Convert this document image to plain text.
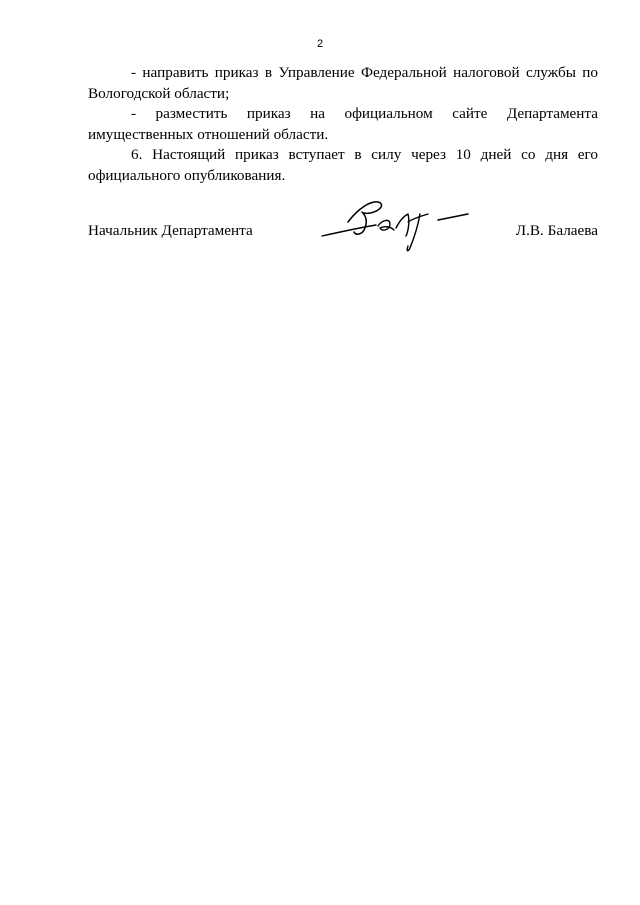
2

- направить приказ в Управление Федеральной налоговой службы по
Вологодской области;

- разместить приказ на официальном сайте Департамента
имущественных отношений области.

6. Настоящий приказ вступает в силу через 10 дней со дня его
официального опубликования.

Начальник Департамента	Л.В. Балаева
